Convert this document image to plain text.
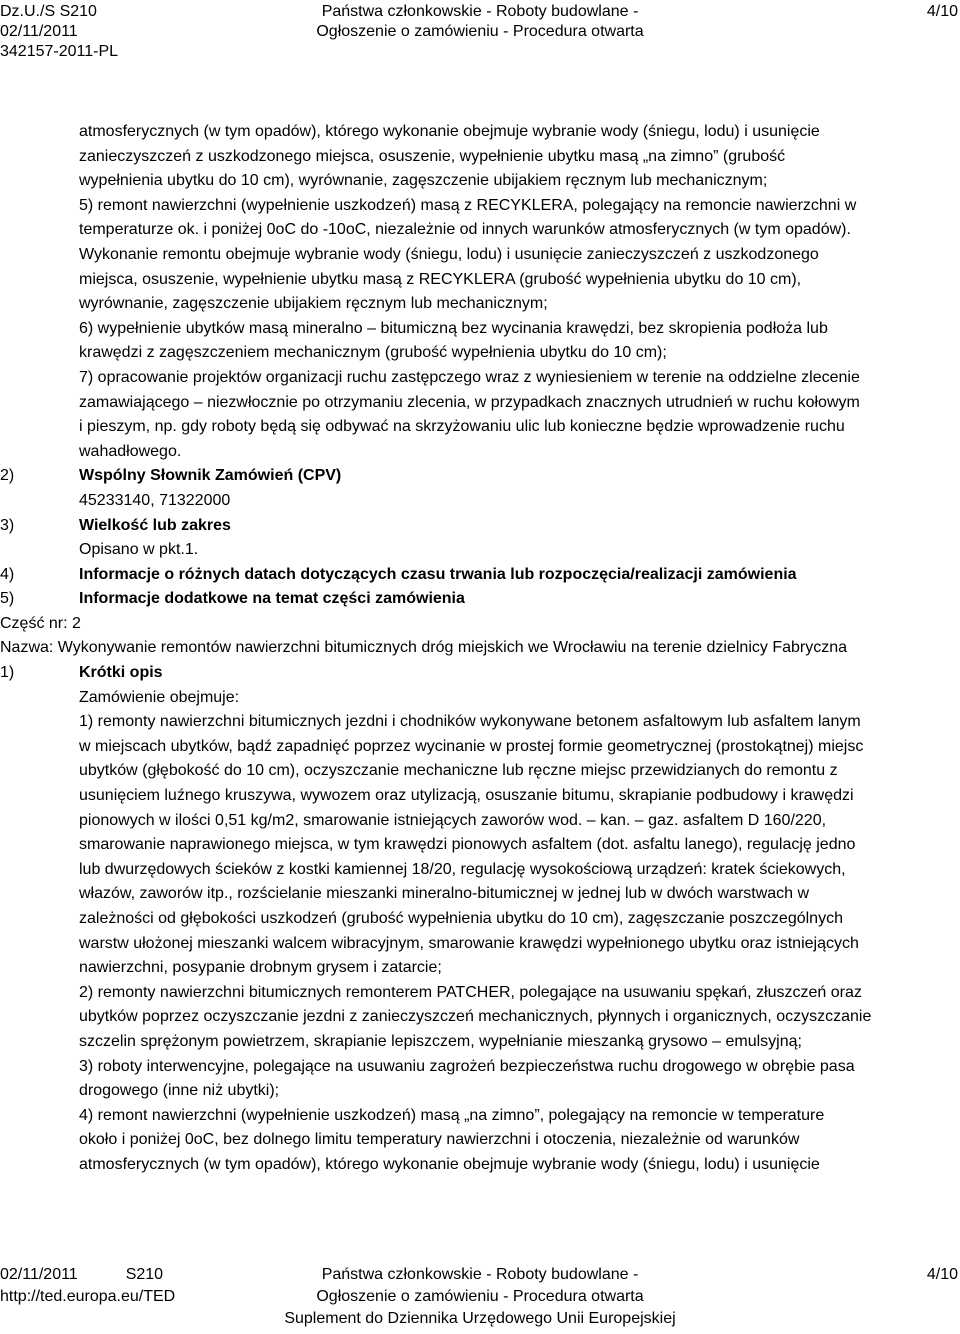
Dz.U./S S210
02/11/2011
342157-2011-PL
Państwa członkowskie - Roboty budowlane -
Ogłoszenie o zamówieniu - Procedura otwarta
4/10
atmosferycznych (w tym opadów), którego wykonanie obejmuje wybranie wody (śniegu, lodu) i usunięcie
zanieczyszczeń z uszkodzonego miejsca, osuszenie, wypełnienie ubytku masą „na zimno” (grubość
wypełnienia ubytku do 10 cm), wyrównanie, zagęszczenie ubijakiem ręcznym lub mechanicznym;
5) remont nawierzchni (wypełnienie uszkodzeń) masą z RECYKLERA, polegający na remoncie nawierzchni w
temperaturze ok. i poniżej 0oC do -10oC, niezależnie od innych warunków atmosferycznych (w tym opadów).
Wykonanie remontu obejmuje wybranie wody (śniegu, lodu) i usunięcie zanieczyszczeń z uszkodzonego
miejsca, osuszenie, wypełnienie ubytku masą z RECYKLERA (grubość wypełnienia ubytku do 10 cm),
wyrównanie, zagęszczenie ubijakiem ręcznym lub mechanicznym;
6) wypełnienie ubytków masą mineralno – bitumiczną bez wycinania krawędzi, bez skropienia podłoża lub
krawędzi z zagęszczeniem mechanicznym (grubość wypełnienia ubytku do 10 cm);
7) opracowanie projektów organizacji ruchu zastępczego wraz z wyniesieniem w terenie na oddzielne zlecenie
zamawiającego – niezwłocznie po otrzymaniu zlecenia, w przypadkach znacznych utrudnień w ruchu kołowym
i pieszym, np. gdy roboty będą się odbywać na skrzyżowaniu ulic lub konieczne będzie wprowadzenie ruchu
wahadłowego.
2)	Wspólny Słownik Zamówień (CPV)
45233140, 71322000
3)	Wielkość lub zakres
Opisano w pkt.1.
4)	Informacje o różnych datach dotyczących czasu trwania lub rozpoczęcia/realizacji zamówienia
5)	Informacje dodatkowe na temat części zamówienia
Część nr: 2
Nazwa: Wykonywanie remontów nawierzchni bitumicznych dróg miejskich we Wrocławiu na terenie dzielnicy Fabryczna
1)	Krótki opis
Zamówienie obejmuje:
1) remonty nawierzchni bitumicznych jezdni i chodników wykonywane betonem asfaltowym lub asfaltem lanym
w miejscach ubytków, bądź zapadnięć poprzez wycinanie w prostej formie geometrycznej (prostokątnej) miejsc
ubytków (głębokość do 10 cm), oczyszczanie mechaniczne lub ręczne miejsc przewidzianych do remontu z
usunięciem luźnego kruszywa, wywozem oraz utylizacją, osuszanie bitumu, skrapianie podbudowy i krawędzi
pionowych w ilości 0,51 kg/m2, smarowanie istniejących zaworów wod. – kan. – gaz. asfaltem D 160/220,
smarowanie naprawionego miejsca, w tym krawędzi pionowych asfaltem (dot. asfaltu lanego), regulację jedno
lub dwurzędowych ścieków z kostki kamiennej 18/20, regulację wysokościową urządzeń: kratek ściekowych,
włazów, zaworów itp., rozścielanie mieszanki mineralno-bitumicznej w jednej lub w dwóch warstwach w
zależności od głębokości uszkodzeń (grubość wypełnienia ubytku do 10 cm), zagęszczanie poszczególnych
warstw ułożonej mieszanki walcem wibracyjnym, smarowanie krawędzi wypełnionego ubytku oraz istniejących
nawierzchni, posypanie drobnym grysem i zatarcie;
2) remonty nawierzchni bitumicznych remonterem PATCHER, polegające na usuwaniu spękań, złuszczeń oraz
ubytków poprzez oczyszczanie jezdni z zanieczyszczeń mechanicznych, płynnych i organicznych, oczyszczanie
szczelin sprężonym powietrzem, skrapianie lepiszczem, wypełnianie mieszanką grysowo – emulsyjną;
3) roboty interwencyjne, polegające na usuwaniu zagrożeń bezpieczeństwa ruchu drogowego w obrębie pasa
drogowego (inne niż ubytki);
4) remont nawierzchni (wypełnienie uszkodzeń) masą „na zimno”, polegający na remoncie w temperature
około i poniżej 0oC, bez dolnego limitu temperatury nawierzchni i otoczenia, niezależnie od warunków
atmosferycznych (w tym opadów), którego wykonanie obejmuje wybranie wody (śniegu, lodu) i usunięcie
02/11/2011	S210
http://ted.europa.eu/TED
Państwa członkowskie - Roboty budowlane -
Ogłoszenie o zamówieniu - Procedura otwarta
Suplement do Dziennika Urzędowego Unii Europejskiej
4/10
